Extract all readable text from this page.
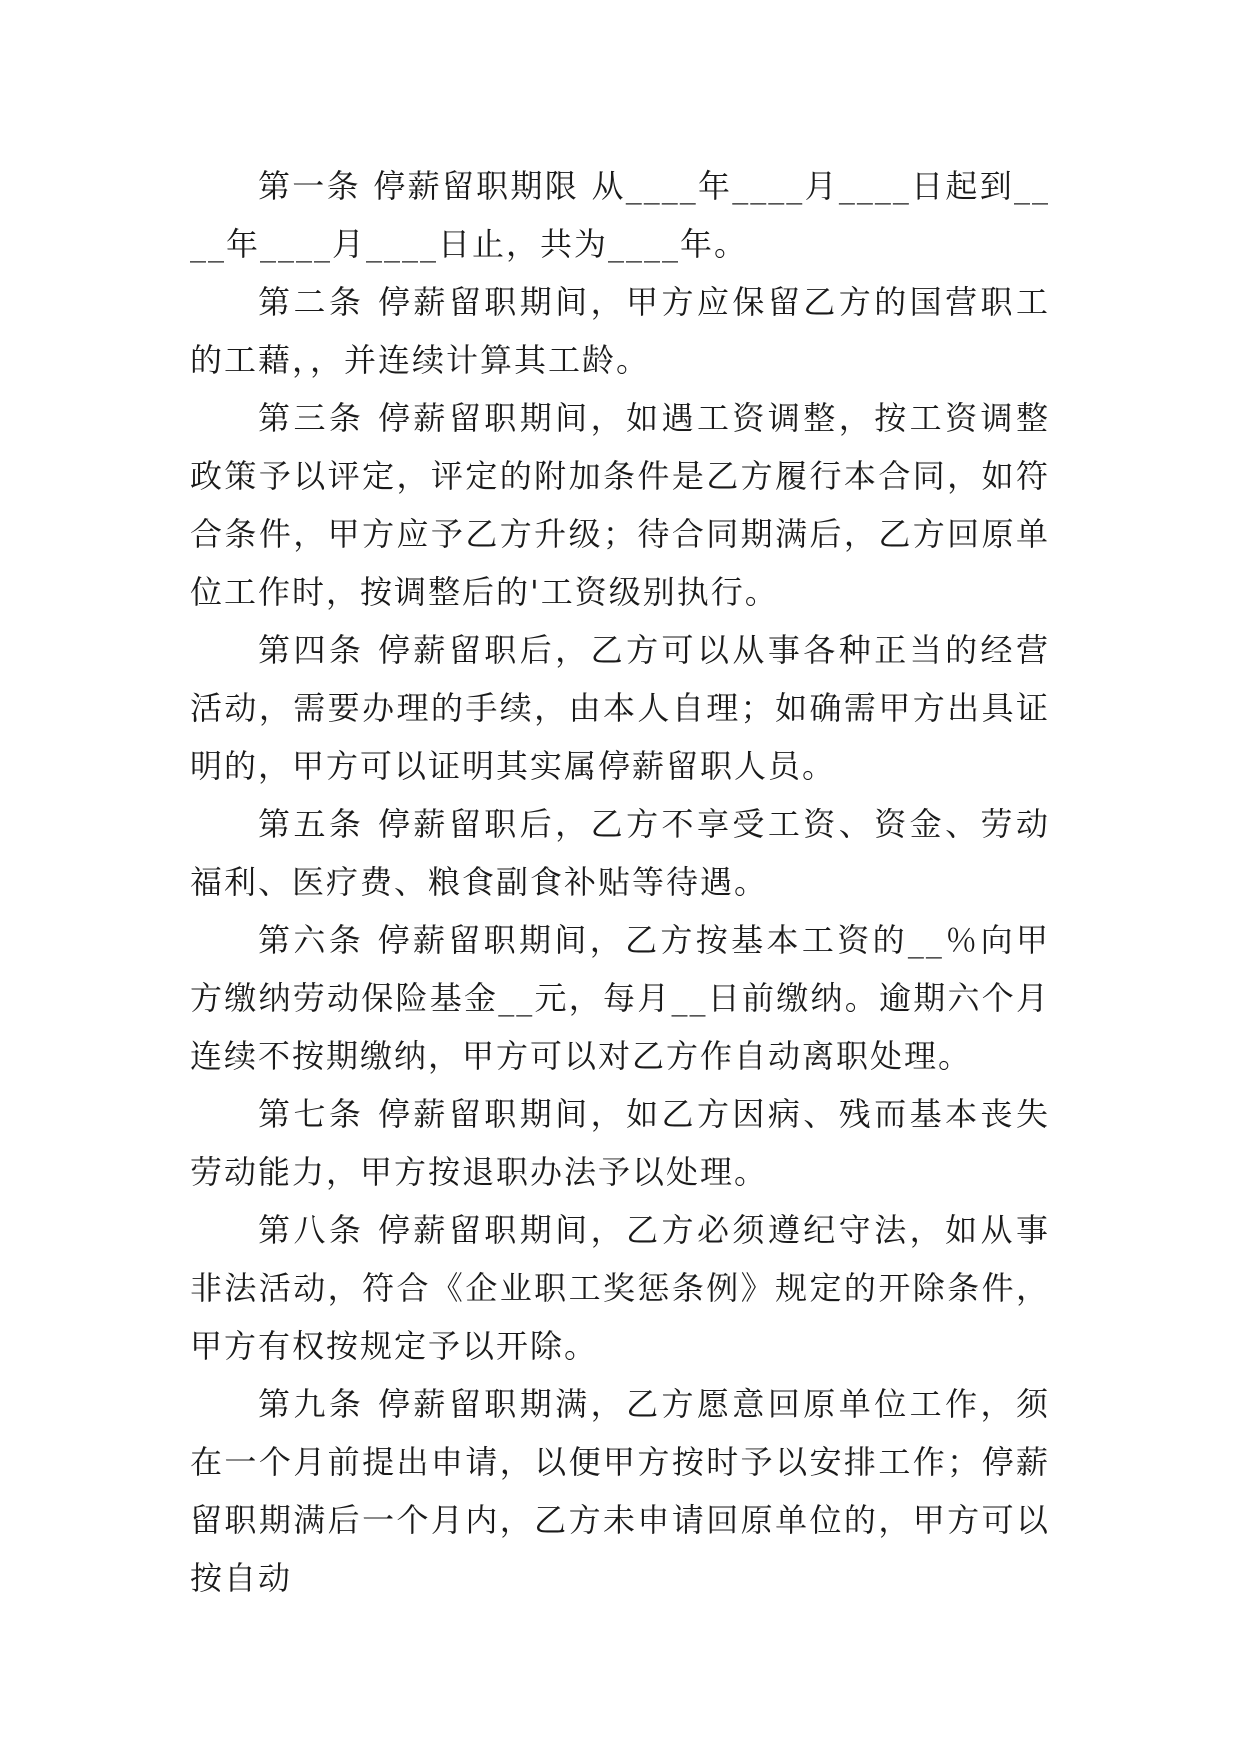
第一条 停薪留职期限 从____年____月____日起到____年____月____日止，共为____年。

第二条 停薪留职期间，甲方应保留乙方的国营职工的工藉，，并连续计算其工龄。

第三条 停薪留职期间，如遇工资调整，按工资调整政策予以评定，评定的附加条件是乙方履行本合同，如符合条件，甲方应予乙方升级；待合同期满后，乙方回原单位工作时，按调整后的'工资级别执行。

第四条 停薪留职后，乙方可以从事各种正当的经营活动，需要办理的手续，由本人自理；如确需甲方出具证明的，甲方可以证明其实属停薪留职人员。

第五条 停薪留职后，乙方不享受工资、资金、劳动福利、医疗费、粮食副食补贴等待遇。

第六条 停薪留职期间，乙方按基本工资的__％向甲方缴纳劳动保险基金__元，每月__日前缴纳。逾期六个月连续不按期缴纳，甲方可以对乙方作自动离职处理。

第七条 停薪留职期间，如乙方因病、残而基本丧失劳动能力，甲方按退职办法予以处理。

第八条 停薪留职期间，乙方必须遵纪守法，如从事非法活动，符合《企业职工奖惩条例》规定的开除条件，甲方有权按规定予以开除。

第九条 停薪留职期满，乙方愿意回原单位工作，须在一个月前提出申请，以便甲方按时予以安排工作；停薪留职期满后一个月内，乙方未申请回原单位的，甲方可以按自动
